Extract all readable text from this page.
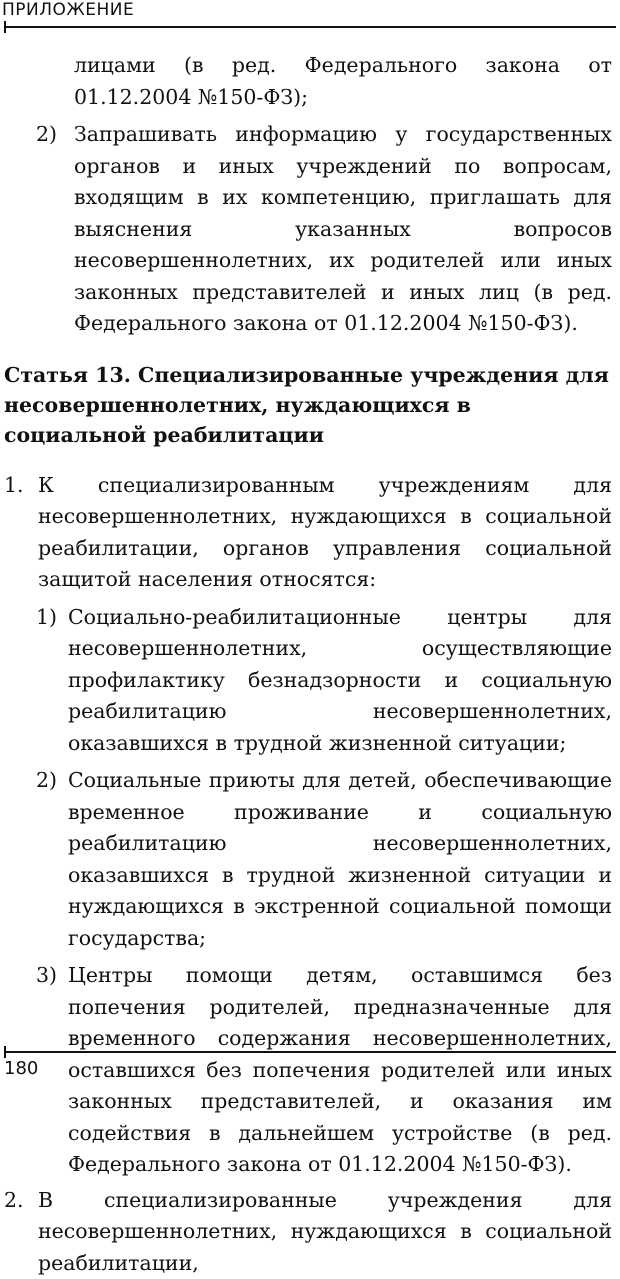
ПРИЛОЖЕНИЕ

лицами (в ред. Федерального закона от 01.12.2004 №150-ФЗ);

2) Запрашивать информацию у государственных органов и иных учреждений по вопросам, входящим в их компетенцию, приглашать для выяснения указанных вопросов несовершеннолетних, их родителей или иных законных представителей и иных лиц (в ред. Федерального закона от 01.12.2004 №150-ФЗ).
Статья 13. Специализированные учреждения для несовершеннолетних, нуждающихся в социальной реабилитации
1. К специализированным учреждениям для несовершеннолетних, нуждающихся в социальной реабилитации, органов управления социальной защитой населения относятся:
1) Социально-реабилитационные центры для несовершеннолетних, осуществляющие профилактику безнадзорности и социальную реабилитацию несовершеннолетних, оказавшихся в трудной жизненной ситуации;
2) Социальные приюты для детей, обеспечивающие временное проживание и социальную реабилитацию несовершеннолетних, оказавшихся в трудной жизненной ситуации и нуждающихся в экстренной социальной помощи государства;
3) Центры помощи детям, оставшимся без попечения родителей, предназначенные для временного содержания несовершеннолетних, оставшихся без попечения родителей или иных законных представителей, и оказания им содействия в дальнейшем устройстве (в ред. Федерального закона от 01.12.2004 №150-ФЗ).
2. В специализированные учреждения для несовершеннолетних, нуждающихся в социальной реабилитации,
180
